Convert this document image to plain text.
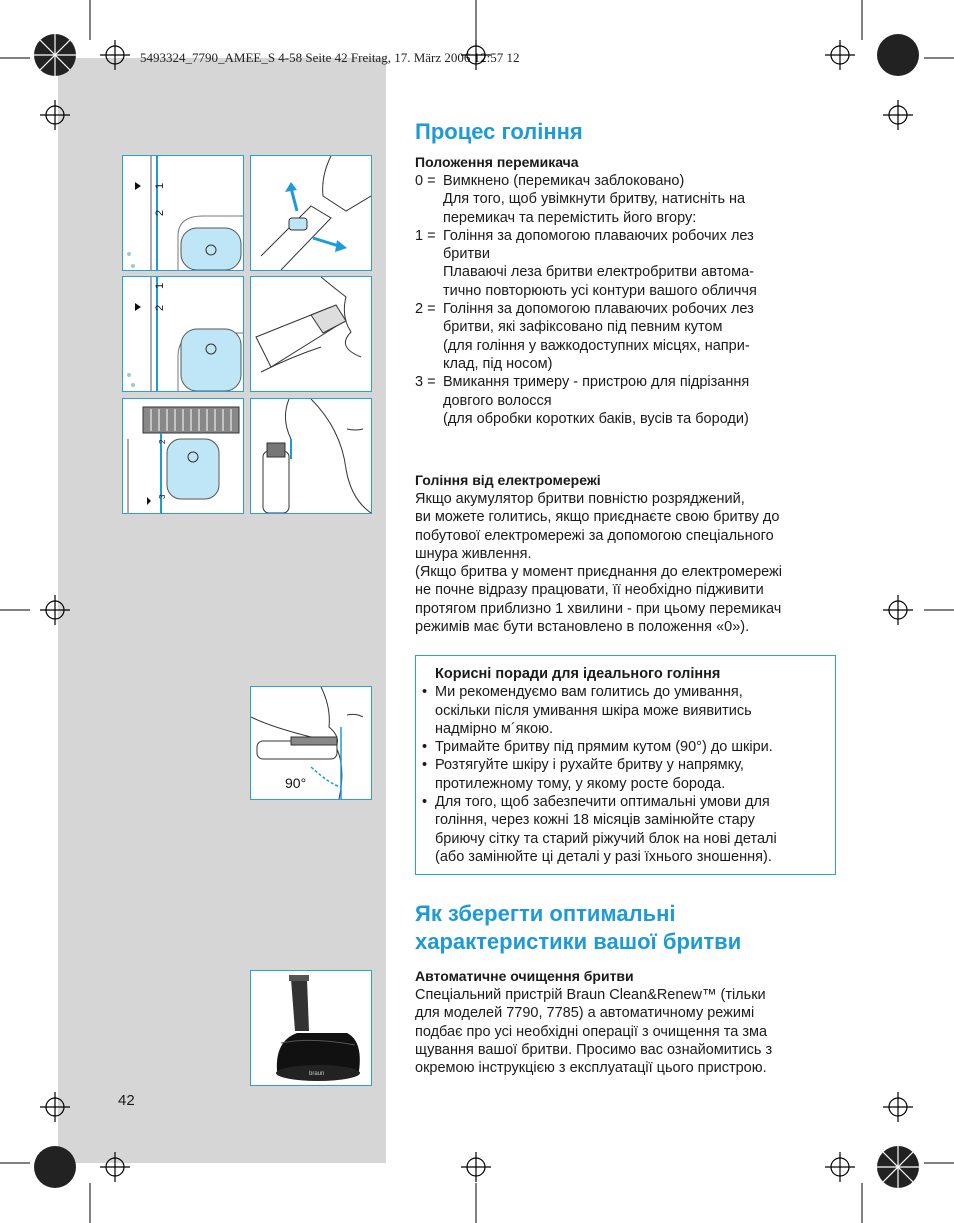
5493324_7790_AMEE_S 4-58 Seite 42 Freitag, 17. März 2006 12:57 12
1
2
1
2
2
3
90°
braun
Процес гоління
Положення перемикача
0 = Вимкнено (перемикач заблоковано)
Для того, щоб увімкнути бритву, натисніть на
перемикач та перемістить його вгору:
1 = Гоління за допомогою плаваючих робочих лез
бритви
Плаваючі леза бритви електробритви автома-
тично повторюють усі контури вашого обличчя
2 = Гоління за допомогою плаваючих робочих лез
бритви, які зафіксовано під певним кутом
(для гоління у важкодоступних місцях, напри-
клад, під носом)
3 = Вмикання тримеру - пристрою для підрізання
довгого волосся
(для обробки коротких баків, вусів та бороди)
Гоління від електромережі
Якщо акумулятор бритви повністю розряджений,
ви можете голитись, якщо приєднаєте свою бритву до
побутової електромережі за допомогою спеціального
шнура живлення.
(Якщо бритва у момент приєднання до електромережі
не почне відразу працювати, її необхідно підживити
протягом приблизно 1 хвилини - при цьому перемикач
режимів має бути встановлено в положення «0»).
Корисні поради для ідеального гоління
• Ми рекомендуємо вам голитись до умивання,
оскільки після умивання шкіра може виявитись
надмірно м´якою.
• Тримайте бритву під прямим кутом (90°) до шкіри.
• Розтягуйте шкіру і рухайте бритву у напрямку,
протилежному тому, у якому росте борода.
• Для того, щоб забезпечити оптимальні умови для
гоління, через кожні 18 місяців замінюйте стару
бриючу сітку та старий ріжучий блок на нові деталі
(або замінюйте ці деталі у разі їхнього зношення).
Як зберегти оптимальні
характеристики вашої бритви
Автоматичне очищення бритви
Спеціальний пристрій Braun Clean&Renew™ (тільки
для моделей 7790, 7785) а автоматичному режимі
подбає про усі необхідні операції з очищення та зма
щування вашої бритви. Просимо вас ознайомитись з
окремою інструкцією з експлуатації цього пристрою.
42
